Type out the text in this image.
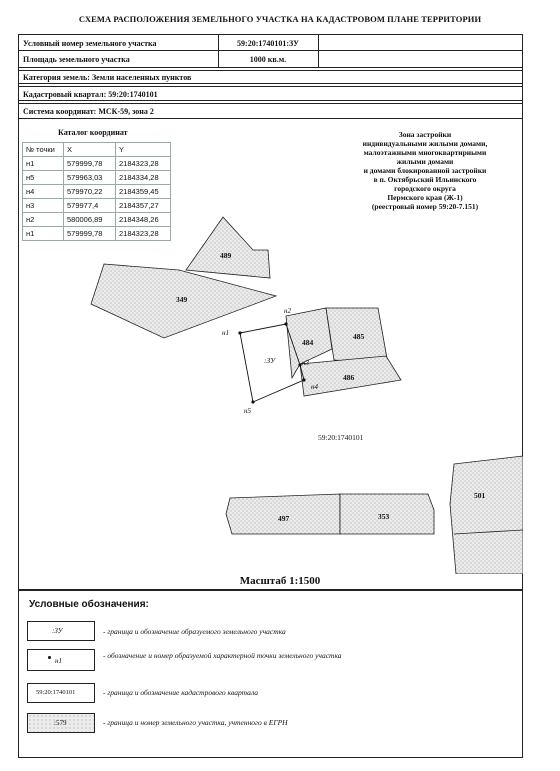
СХЕМА РАСПОЛОЖЕНИЯ ЗЕМЕЛЬНОГО УЧАСТКА НА КАДАСТРОВОМ ПЛАНЕ ТЕРРИТОРИИ
Условный номер земельного участка	59:20:1740101:ЗУ
Площадь земельного участка	1000 кв.м.
Категория земель: Земли населенных пунктов
Кадастровый квартал: 59:20:1740101
Система координат: МСК-59, зона 2
Каталог координат
№ точки	X	Y
н1	579999,78	2184323,28
н5	579963,03	2184334,28
н4	579970,22	2184359,45
н3	579977,4	2184357,27
н2	580006,89	2184348,26
н1	579999,78	2184323,28
Зона застройки
индивидуальными жилыми домами,
малоэтажными многоквартирными
жилыми домами
и домами блокированной застройки
в п. Октябрьский Ильинского
городского округа
Пермского края (Ж-1)
(реестровый номер 59:20-7.151)
489
349
484
485
486
:ЗУ
н1
н2
н3
н4
н5
59:20:1740101
497	353
501
Масштаб 1:1500
Условные обозначения:
:ЗУ	- граница и обозначение образуемого земельного участка
н1
- обозначение и номер образуемой характерной точки земельного участка
59:20:1740101	- граница и обозначение кадастрового квартала
:579	- граница и номер земельного участка, учтенного в ЕГРН
